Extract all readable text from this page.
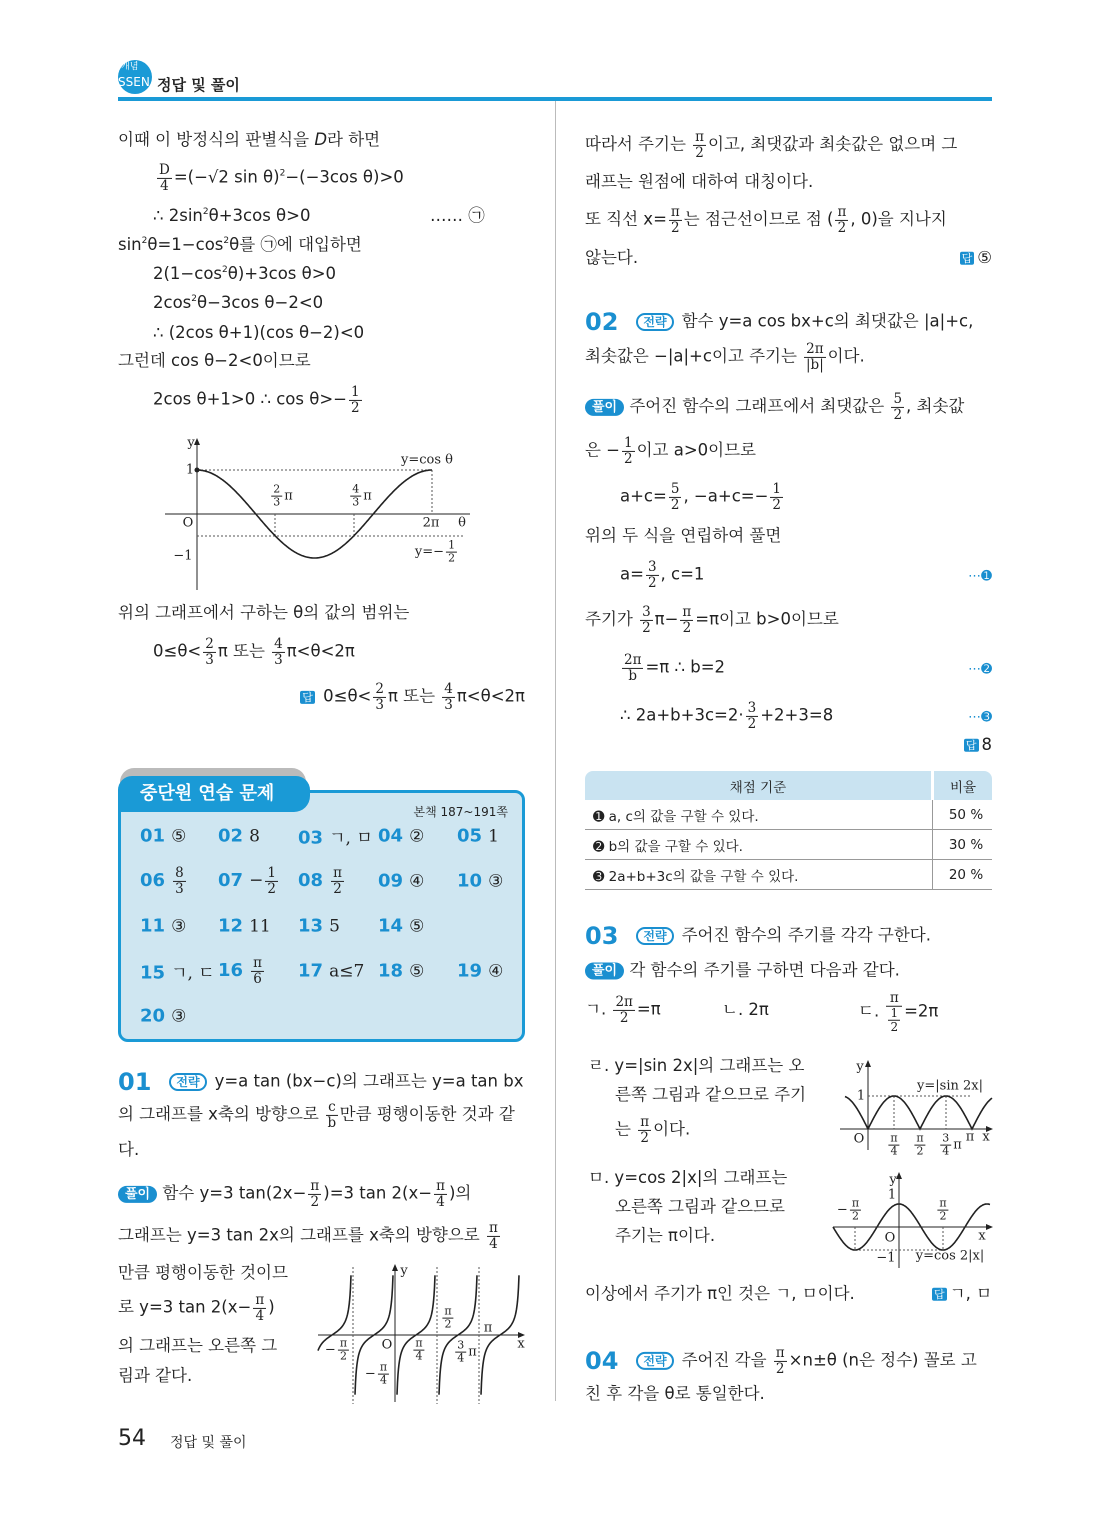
개념
SSEN 정답 및 풀이
이때 이 방정식의 판별식을 D라 하면
$\frac{D}{4} =(-√2$ sin θ)$^2$−(−3cos θ)>0
∴ $2\sin^2\theta+3\cos$ θ>0	…… ㉠
$\sin^2\theta=1-\cos^2\theta$를 ㉠에 대입하면
$2(1-\cos^2\theta)+3\cos$ θ>0
$2\cos^2\theta-3\cos$ θ−2<0
∴ (2cos θ+1)(cos θ−2)<0
그런데 cos θ−2<0이므로
2cos θ+1>0 ∴ $\cos \theta>- \frac{1}{2}$
y
1
O
−1
2π θ
y=cos θ
$\frac{2}{3}$ π	$\frac{4}{3}$ π
$y=- \frac{1}{2}$
위의 그래프에서 구하는 θ의 값의 범위는
$0\le\theta< \frac{2}{3}$ π 또는 $\frac{4}{3} \pi<\theta<2\pi$
답 $0\le\theta< \frac{2}{3}$ π 또는 $\frac{4}{3} \pi<\theta<2\pi$
본책 187~191쪽
01 ⑤ 02 8 03 ㄱ, ㅁ 04 ② 05 1
$06 \frac{8}{3} 07 - \frac{1}{2} 08 \frac{\pi}{2} 09$ ④ 10 ③
11 ③ 12 11 13 5 14 ⑤
15 ㄱ, ㄷ $16 \frac{\pi}{6} 17$ a≤7 18 ⑤ 19 ④
20 ③
중단원 연습 문제
01 전략 y=a tan (bx−c)의 그래프는 y=a tan bx
의 그래프를 x축의 방향으로 $\frac{c}{b}$ 만큼 평행이동한 것과 같
다.
풀이 함수 y=3 $\tan(2x- \frac{\pi}{2} )=3$ $\tan 2(x- \frac{\pi}{4}$ )의
그래프는 y=3 tan 2x의 그래프를 x축의 방향으로 $\frac{\pi}{4}$
만큼 평행이동한 것이므
로 y=3 $\tan 2(x- \frac{\pi}{4}$ )
의 그래프는 오른쪽 그
림과 같다.
y
O	x
− $\frac{\pi}{2}$
− $\frac{\pi}{4}$
$\frac{\pi}{4}$
$\frac{\pi}{2}$ π
$\frac{3}{4}$ π
따라서 주기는 $\frac{\pi}{2}$ 이고, 최댓값과 최솟값은 없으며 그
래프는 원점에 대하여 대칭이다.
또 직선 $x= \frac{\pi}{2}$ 는 점근선이므로 점 ( $\frac{\pi}{2}$ , 0)을 지나지
않는다.	답 ⑤
02 전략 함수 y=a cos bx+c의 최댓값은 |a|+c,
최솟값은 −|a|+c이고 주기는 $\frac{2\pi}{|b|}$ 이다.
풀이 주어진 함수의 그래프에서 최댓값은 $\frac{5}{2}$ , 최솟값
은 − $\frac{1}{2}$ 이고 a>0이므로
$a+c= \frac{5}{2}$ , $-a+c=- \frac{1}{2}$
위의 두 식을 연립하여 풀면
$a= \frac{3}{2}$ , c=1	⋯➊
주기가 $\frac{3}{2} \pi- \frac{\pi}{2} =\pi$이고 b>0이므로
$\frac{2\pi}{b} =\pi$ ∴ b=2	⋯➋
∴ $2a+b+3c=2\cdot \frac{3}{2} +2+3=8$	⋯➌
답 8
채점 기준	비율
➊ a, c의 값을 구할 수 있다.	50 %
➋ b의 값을 구할 수 있다.	30 %
➌ 2a+b+3c의 값을 구할 수 있다.	20 %
03 전략 주어진 함수의 주기를 각각 구한다.
풀이 각 함수의 주기를 구하면 다음과 같다.
ㄱ. $\frac{2\pi}{2} =\pi$	ㄴ. 2π	ㄷ. $\frac{\pi}{\frac{1}{2}} =2\pi$
ㄹ. y=|sin 2x|의 그래프는 오
른쪽 그림과 같으므로 주기
는 $\frac{\pi}{2}$ 이다.
ㅁ. y=cos 2|x|의 그래프는
오른쪽 그림과 같으므로
주기는 π이다.
y
1
O
y=|sin 2x|
$\frac{\pi}{4} \frac{\pi}{2} \frac{3}{4}$ π
π x
y
1
O
−1
x
− $\frac{\pi}{2}$	$\frac{\pi}{2}$
y=cos 2|x|
이상에서 주기가 π인 것은 ㄱ, ㅁ이다.	답 ㄱ, ㅁ
04 전략 주어진 각을 $\frac{\pi}{2} \times n\pm\theta$ (n은 정수) 꼴로 고
친 후 각을 θ로 통일한다.
54 정답 및 풀이
